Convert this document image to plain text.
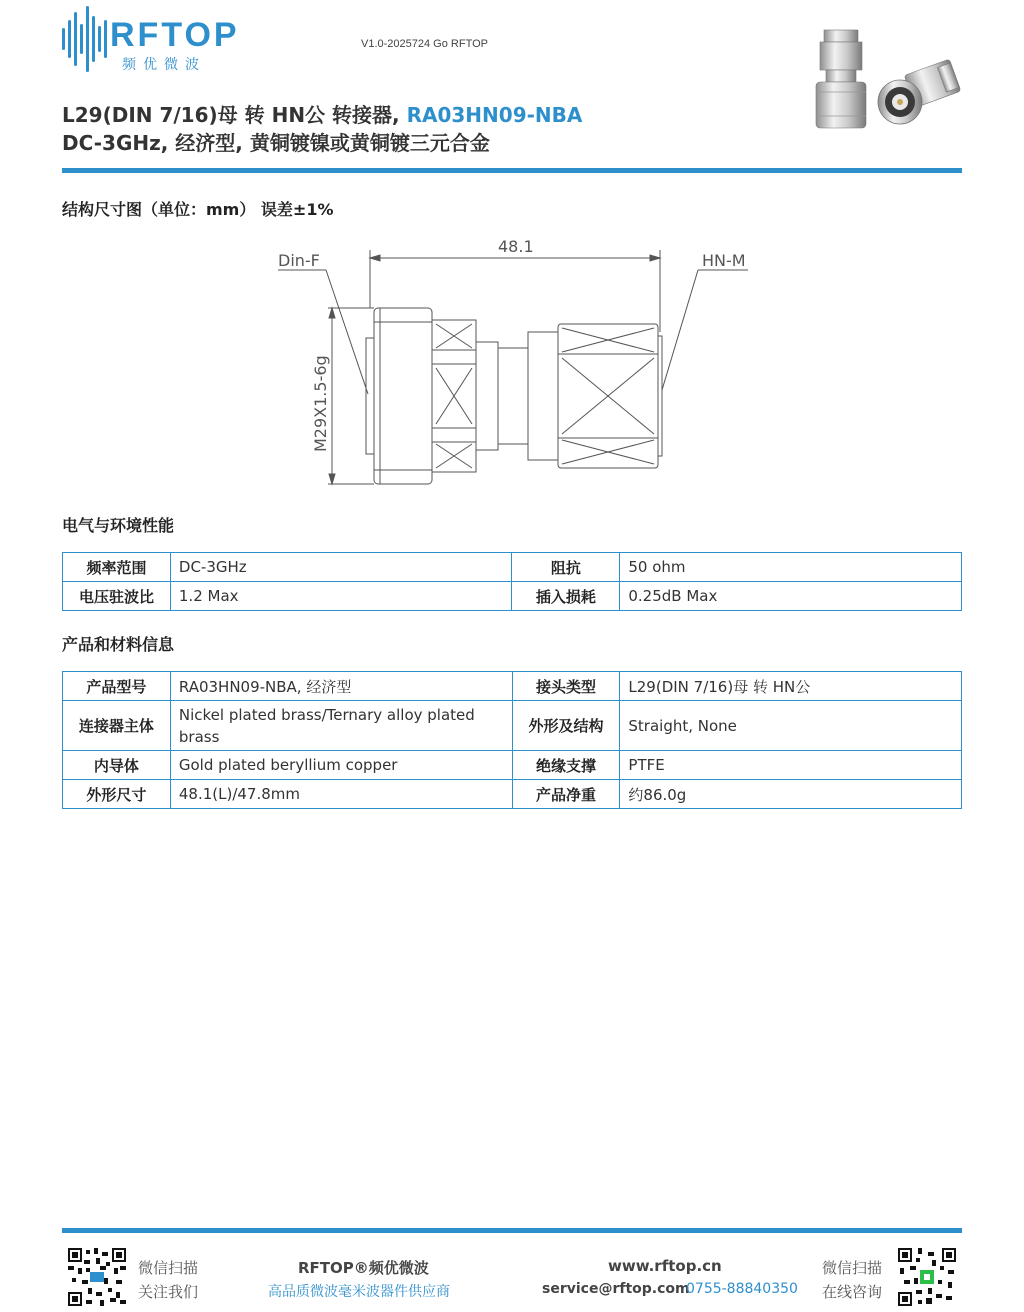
RFTOP
频优微波
V1.0-2025724 Go RFTOP
L29(DIN 7/16)母 转 HN公 转接器, RA03HN09-NBA
DC-3GHz, 经济型, 黄铜镀镍或黄铜镀三元合金
结构尺寸图（单位：mm） 误差±1%
48.1
Din-F	HN-M
M29X1.5-6g
电气与环境性能
频率范围	DC-3GHz	阻抗	50 ohm
电压驻波比	1.2 Max	插入损耗	0.25dB Max
产品和材料信息
产品型号	RA03HN09-NBA, 经济型	接头类型	L29(DIN 7/16)母 转 HN公
连接器主体	Nickel plated brass/Ternary alloy plated brass	外形及结构	Straight, None
内导体	Gold plated beryllium copper	绝缘支撑	PTFE
外形尺寸	48.1(L)/47.8mm	产品净重	约86.0g
微信扫描
关注我们
RFTOP®频优微波
高品质微波毫米波器件供应商
www.rftop.cn
service@rftop.com
0755-88840350
微信扫描
在线咨询
